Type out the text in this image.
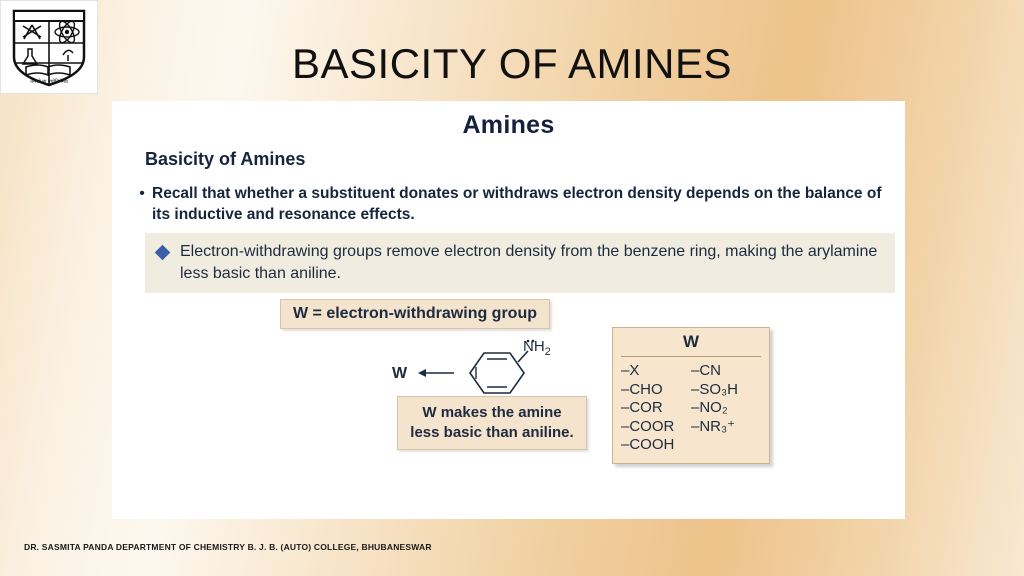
तमसो मा ज्योतिर्गमय	BASICITY OF AMINES
Amines
Basicity of Amines
• Recall that whether a substituent donates or withdraws electron density depends on the balance of its inductive and resonance effects.
Electron-withdrawing groups remove electron density from the benzene ring, making the arylamine less basic than aniline.
W = electron-withdrawing group
W
$NH_2$
W makes the amine
less basic than aniline.
W
–X
–CHO
–COR
–COOR
–COOH
–CN
–SO₃H
–NO₂
–NR₃⁺
DR. SASMITA PANDA DEPARTMENT OF CHEMISTRY B. J. B. (AUTO) COLLEGE, BHUBANESWAR
